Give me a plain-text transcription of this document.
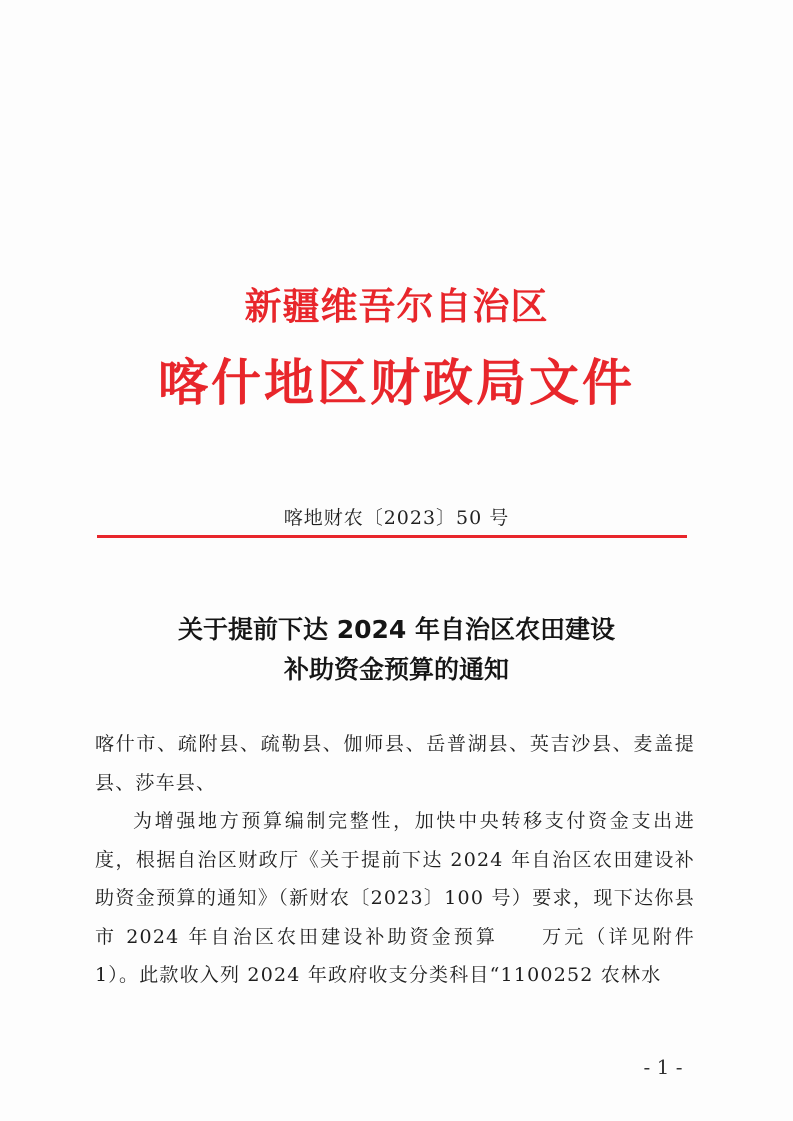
新疆维吾尔自治区
喀什地区财政局文件
喀地财农〔2023〕50 号
关于提前下达 2024 年自治区农田建设
补助资金预算的通知

喀什市、疏附县、疏勒县、伽师县、岳普湖县、英吉沙县、麦盖提县、莎车县、

为增强地方预算编制完整性，加快中央转移支付资金支出进度，根据自治区财政厅《关于提前下达 2024 年自治区农田建设补助资金预算的通知》（新财农〔2023〕100 号）要求，现下达你县市 2024 年自治区农田建设补助资金预算　　万元（详见附件 1）。此款收入列 2024 年政府收支分类科目“1100252 农林水

- 1 -
